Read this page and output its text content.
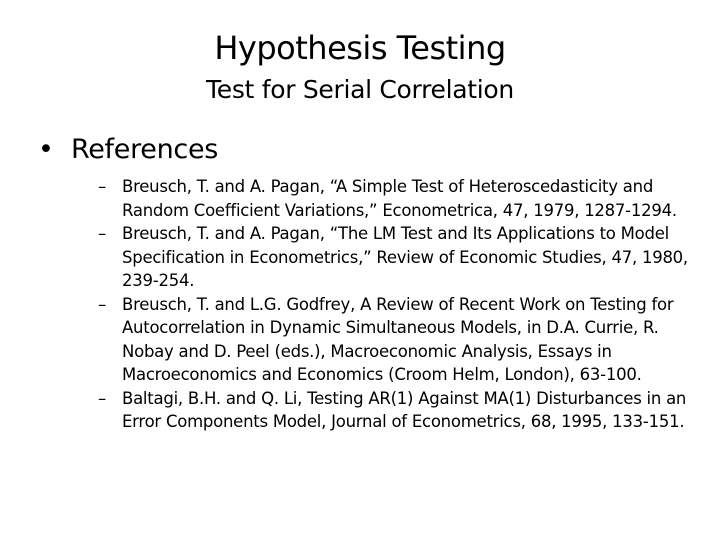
Hypothesis Testing
Test for Serial Correlation
• References
– Breusch, T. and A. Pagan, “A Simple Test of Heteroscedasticity and Random Coefficient Variations,” Econometrica, 47, 1979, 1287-1294.
– Breusch, T. and A. Pagan, “The LM Test and Its Applications to Model Specification in Econometrics,” Review of Economic Studies, 47, 1980, 239-254.
– Breusch, T. and L.G. Godfrey, A Review of Recent Work on Testing for Autocorrelation in Dynamic Simultaneous Models, in D.A. Currie, R. Nobay and D. Peel (eds.), Macroeconomic Analysis, Essays in Macroeconomics and Economics (Croom Helm, London), 63-100.
– Baltagi, B.H. and Q. Li, Testing AR(1) Against MA(1) Disturbances in an Error Components Model, Journal of Econometrics, 68, 1995, 133-151.
